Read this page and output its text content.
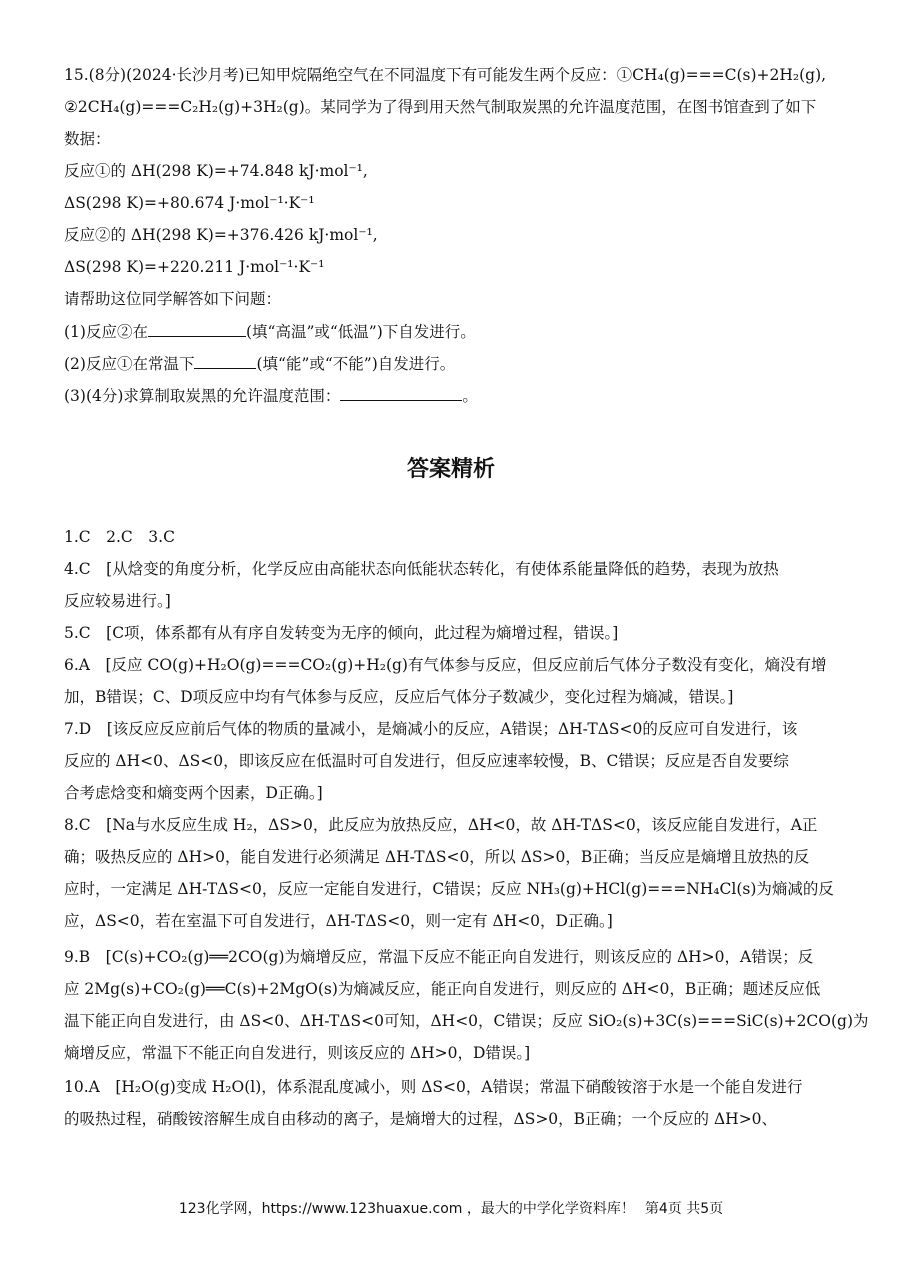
15.(8分)(2024·长沙月考)已知甲烷隔绝空气在不同温度下有可能发生两个反应：①CH₄(g)===C(s)+2H₂(g),
②2CH₄(g)===C₂H₂(g)+3H₂(g)。某同学为了得到用天然气制取炭黑的允许温度范围，在图书馆查到了如下
数据：
反应①的 ΔH(298 K)=+74.848 kJ·mol⁻¹,
ΔS(298 K)=+80.674 J·mol⁻¹·K⁻¹
反应②的 ΔH(298 K)=+376.426 kJ·mol⁻¹,
ΔS(298 K)=+220.211 J·mol⁻¹·K⁻¹
请帮助这位同学解答如下问题：
(1)反应②在	(填“高温”或“低温”)下自发进行。
(2)反应①在常温下	(填“能”或“不能”)自发进行。
(3)(4分)求算制取炭黑的允许温度范围：	。
答案精析
1.C　2.C　3.C
4.C　[从焓变的角度分析，化学反应由高能状态向低能状态转化，有使体系能量降低的趋势，表现为放热
反应较易进行。]
5.C　[C项，体系都有从有序自发转变为无序的倾向，此过程为熵增过程，错误。]
6.A　[反应 CO(g)+H₂O(g)===CO₂(g)+H₂(g)有气体参与反应，但反应前后气体分子数没有变化，熵没有增
加，B错误；C、D项反应中均有气体参与反应，反应后气体分子数减少，变化过程为熵减，错误。]
7.D　[该反应反应前后气体的物质的量减小，是熵减小的反应，A错误；ΔH-TΔS<0的反应可自发进行，该
反应的 ΔH<0、ΔS<0，即该反应在低温时可自发进行，但反应速率较慢，B、C错误；反应是否自发要综
合考虑焓变和熵变两个因素，D正确。]
8.C　[Na与水反应生成 H₂，ΔS>0，此反应为放热反应，ΔH<0，故 ΔH-TΔS<0，该反应能自发进行，A正
确；吸热反应的 ΔH>0，能自发进行必须满足 ΔH-TΔS<0，所以 ΔS>0，B正确；当反应是熵增且放热的反
应时，一定满足 ΔH-TΔS<0，反应一定能自发进行，C错误；反应 NH₃(g)+HCl(g)===NH₄Cl(s)为熵减的反
应，ΔS<0，若在室温下可自发进行，ΔH-TΔS<0，则一定有 ΔH<0，D正确。]
9.B　[C(s)+CO₂(g)══2CO(g)为熵增反应，常温下反应不能正向自发进行，则该反应的 ΔH>0，A错误；反
应 2Mg(s)+CO₂(g)══C(s)+2MgO(s)为熵减反应，能正向自发进行，则反应的 ΔH<0，B正确；题述反应低
温下能正向自发进行，由 ΔS<0、ΔH-TΔS<0可知，ΔH<0，C错误；反应 SiO₂(s)+3C(s)===SiC(s)+2CO(g)为
熵增反应，常温下不能正向自发进行，则该反应的 ΔH>0，D错误。]
10.A　[H₂O(g)变成 H₂O(l)，体系混乱度减小，则 ΔS<0，A错误；常温下硝酸铵溶于水是一个能自发进行
的吸热过程，硝酸铵溶解生成自由移动的离子，是熵增大的过程，ΔS>0，B正确；一个反应的 ΔH>0、
123化学网，https://www.123huaxue.com ，最大的中学化学资料库！ 第4页 共5页
